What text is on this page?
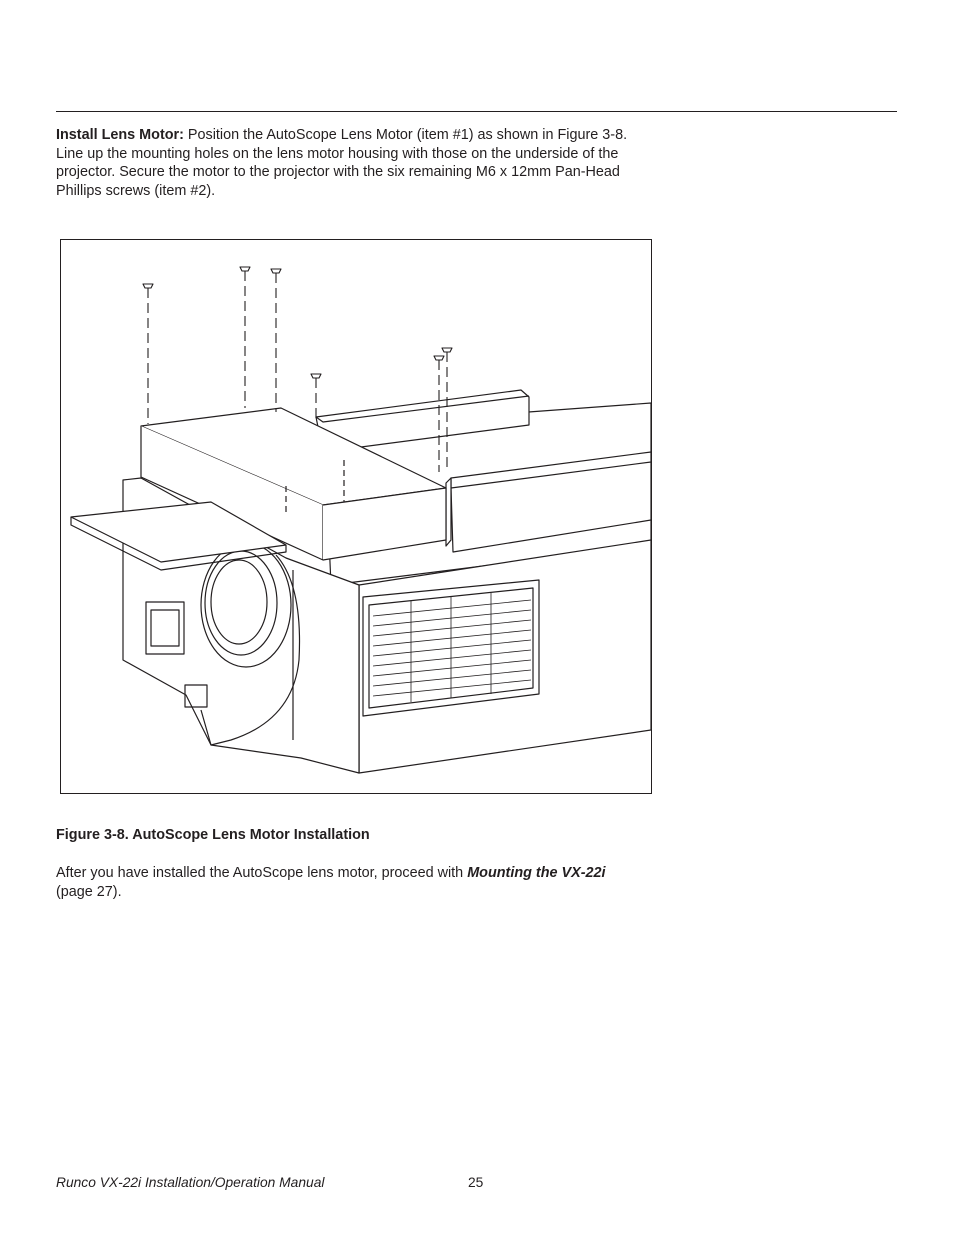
Install Lens Motor: Position the AutoScope Lens Motor (item #1) as shown in Figure 3-8. Line up the mounting holes on the lens motor housing with those on the underside of the projector. Secure the motor to the projector with the six remaining M6 x 12mm Pan-Head Phillips screws (item #2).

Figure 3-8. AutoScope Lens Motor Installation

After you have installed the AutoScope lens motor, proceed with Mounting the VX-22i
(page 27).

Runco VX-22i Installation/Operation Manual	25
